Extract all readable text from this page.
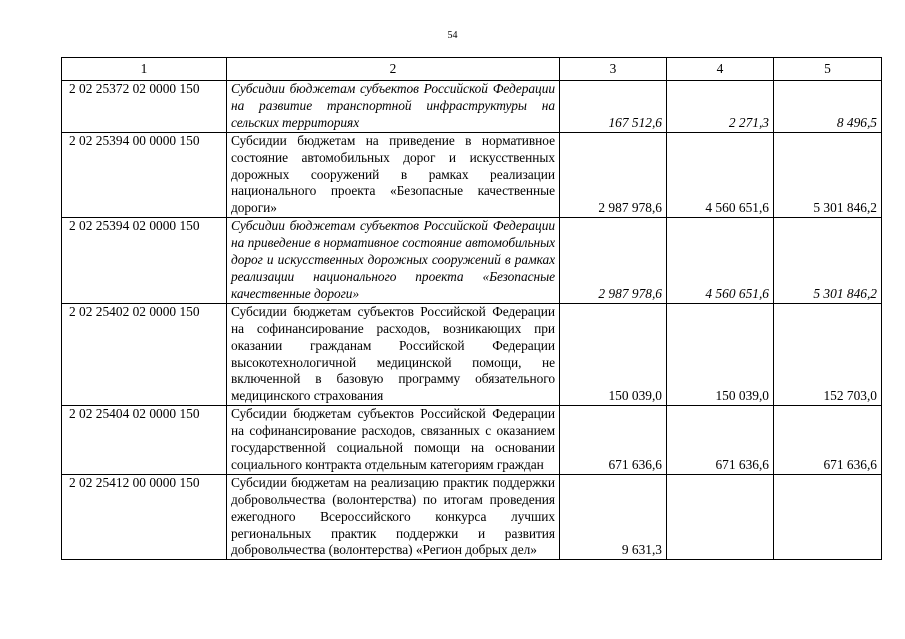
54
1	2	3	4	5
2 02 25372 02 0000 150	Субсидии бюджетам субъектов Российской Федерации на развитие транспортной инфраструктуры на сельских территориях	167 512,6	2 271,3	8 496,5
2 02 25394 00 0000 150	Субсидии бюджетам на приведение в нормативное состояние автомобильных дорог и искусственных дорожных сооружений в рамках реализации национального проекта «Безопасные качественные дороги»	2 987 978,6	4 560 651,6	5 301 846,2
2 02 25394 02 0000 150	Субсидии бюджетам субъектов Российской Федерации на приведение в нормативное состояние автомобильных дорог и искусственных дорожных сооружений в рамках реализации национального проекта «Безопасные качественные дороги»	2 987 978,6	4 560 651,6	5 301 846,2
2 02 25402 02 0000 150	Субсидии бюджетам субъектов Российской Федерации на софинансирование расходов, возникающих при оказании гражданам Российской Федерации высокотехнологичной медицинской помощи, не включенной в базовую программу обязательного медицинского страхования	150 039,0	150 039,0	152 703,0
2 02 25404 02 0000 150	Субсидии бюджетам субъектов Российской Федерации на софинансирование расходов, связанных с оказанием государственной социальной помощи на основании социального контракта отдельным категориям граждан	671 636,6	671 636,6	671 636,6
2 02 25412 00 0000 150	Субсидии бюджетам на реализацию практик поддержки добровольчества (волонтерства) по итогам проведения ежегодного Всероссийского конкурса лучших региональных практик поддержки и развития добровольчества (волонтерства) «Регион добрых дел»	9 631,3		
